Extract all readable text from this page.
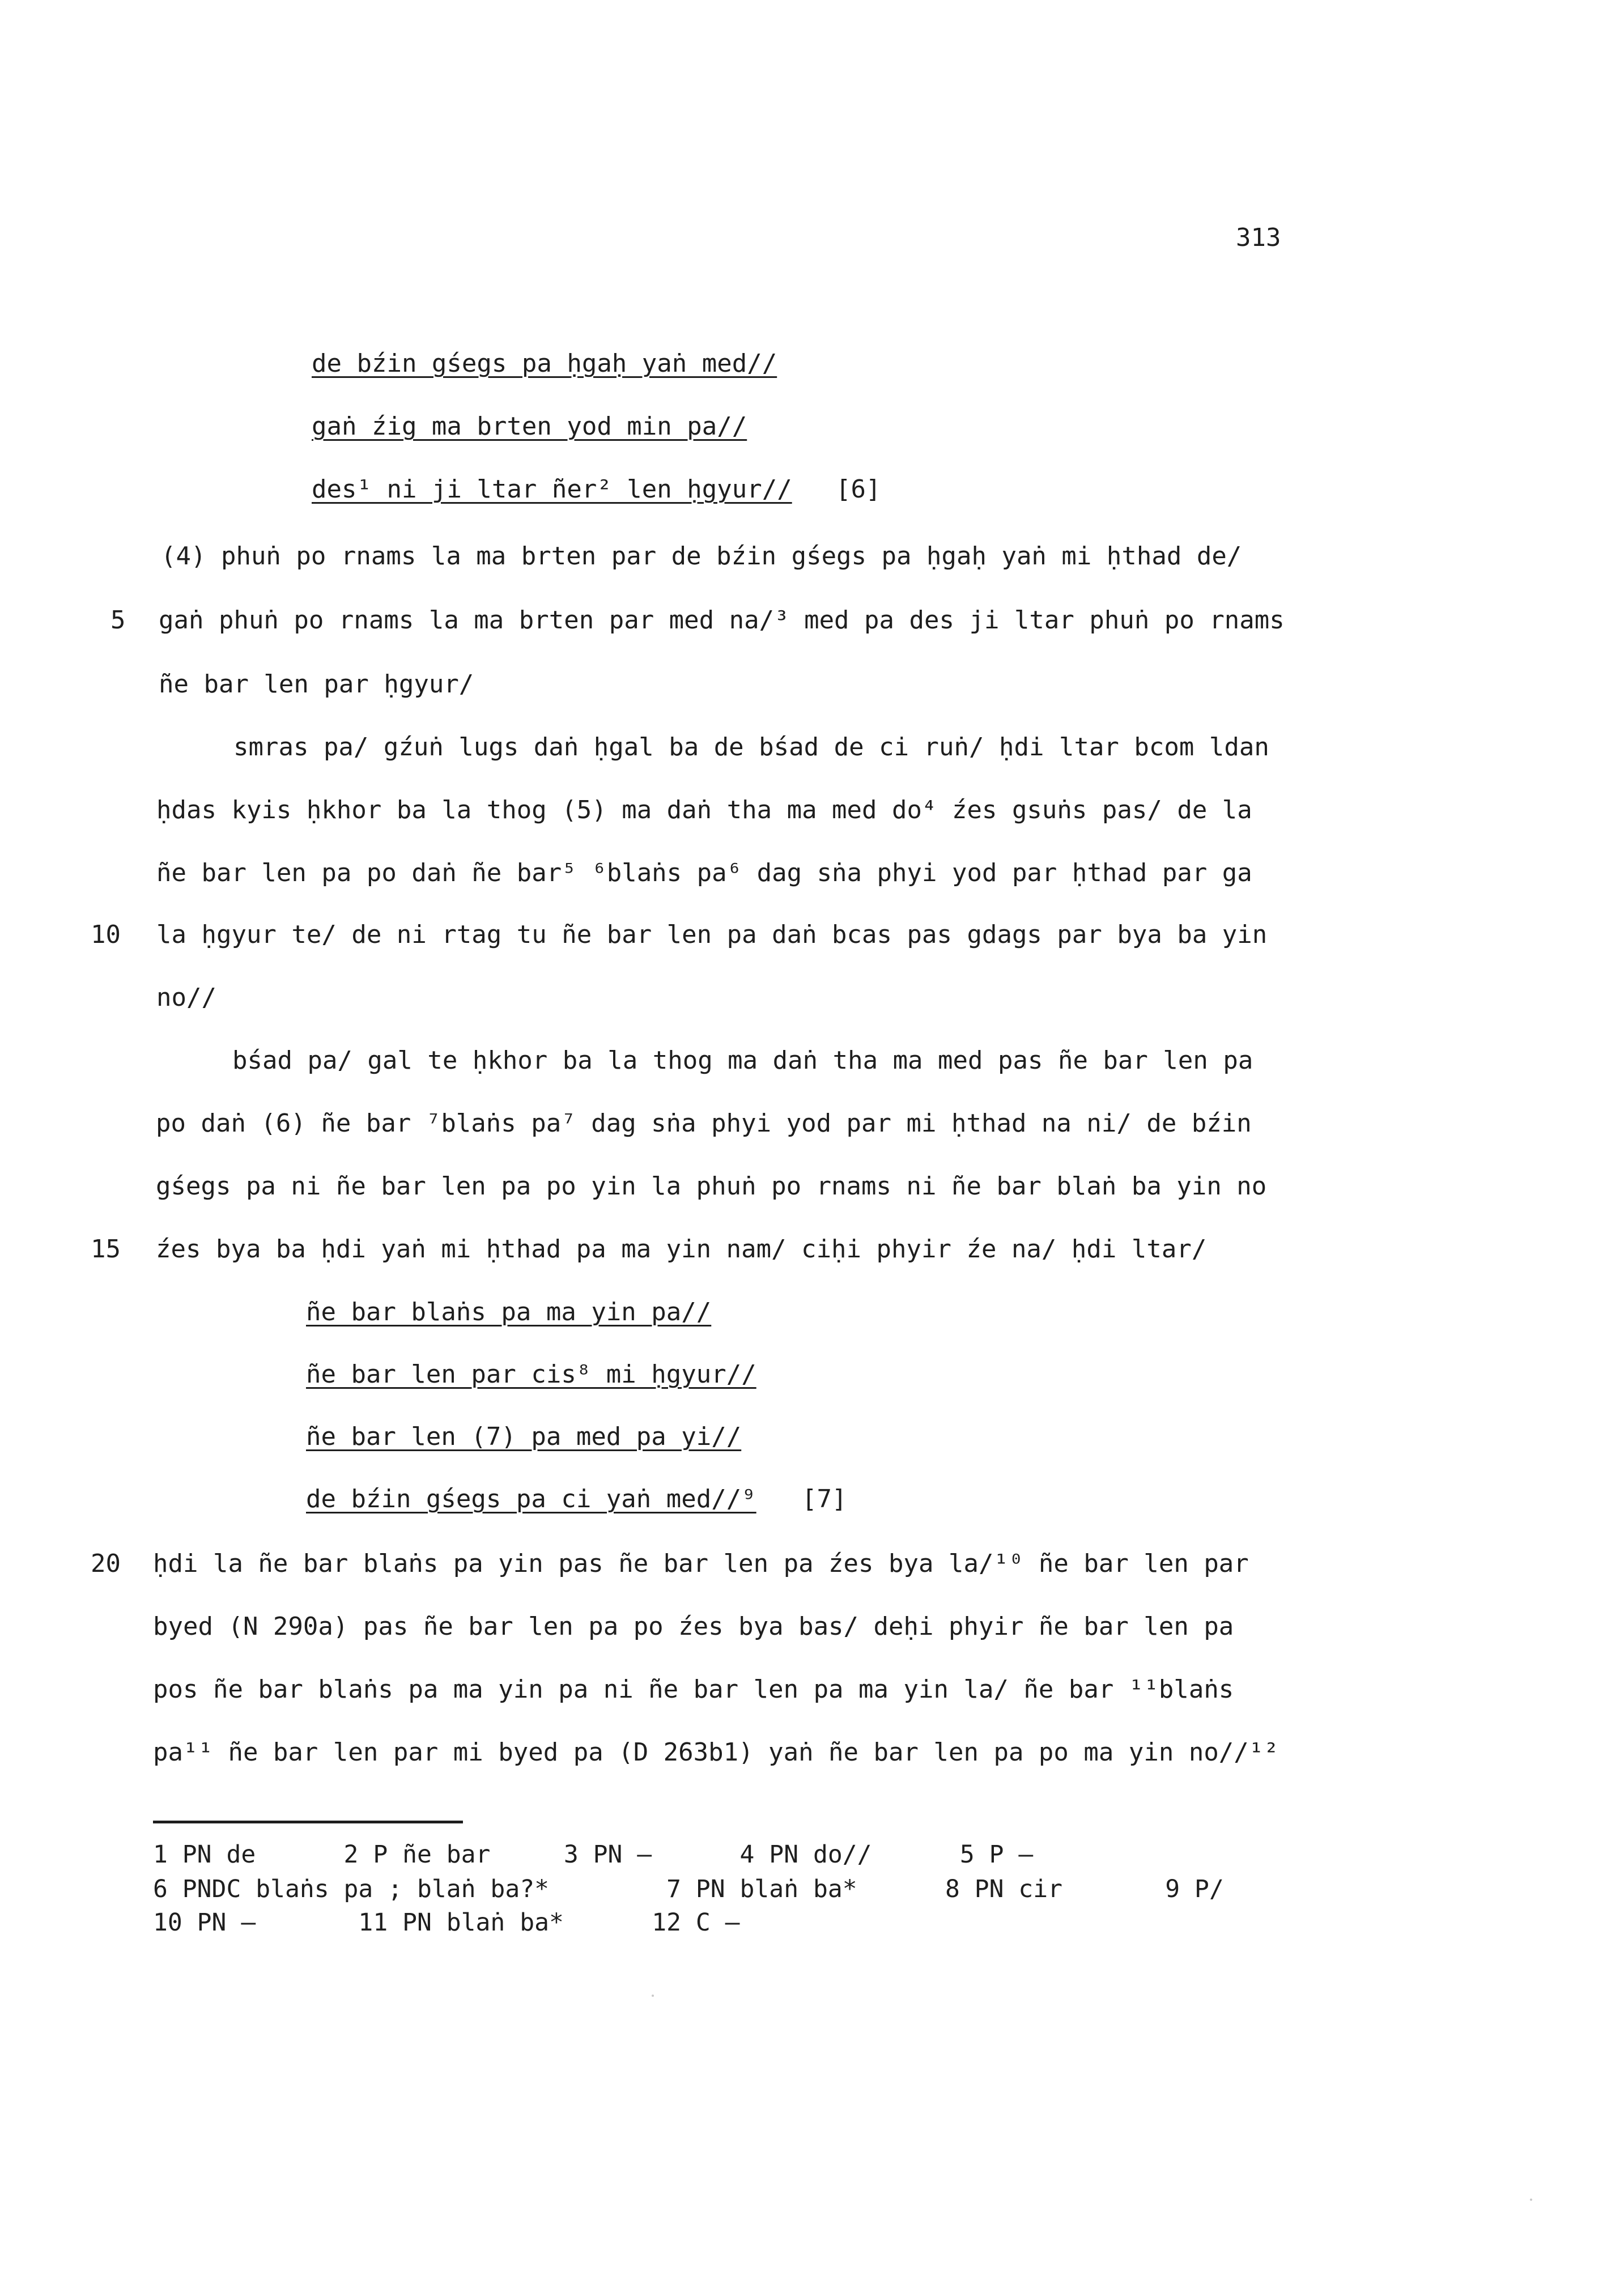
313
de bźin gśegs pa ḥgaḥ yaṅ med//
gaṅ źig ma brten yod min pa//
des¹ ni ji ltar ñer² len ḥgyur// [6]
(4) phuṅ po rnams la ma brten par de bźin gśegs pa ḥgaḥ yaṅ mi ḥthad de/
5 gaṅ phuṅ po rnams la ma brten par med na/³ med pa des ji ltar phuṅ po rnams
ñe bar len par ḥgyur/
smras pa/ gźuṅ lugs daṅ ḥgal ba de bśad de ci ruṅ/ ḥdi ltar bcom ldan
ḥdas kyis ḥkhor ba la thog (5) ma daṅ tha ma med do⁴ źes gsuṅs pas/ de la
ñe bar len pa po daṅ ñe bar⁵ ⁶blaṅs pa⁶ dag sṅa phyi yod par ḥthad par ga
10 la ḥgyur te/ de ni rtag tu ñe bar len pa daṅ bcas pas gdags par bya ba yin
no//
bśad pa/ gal te ḥkhor ba la thog ma daṅ tha ma med pas ñe bar len pa
po daṅ (6) ñe bar ⁷blaṅs pa⁷ dag sṅa phyi yod par mi ḥthad na ni/ de bźin
gśegs pa ni ñe bar len pa po yin la phuṅ po rnams ni ñe bar blaṅ ba yin no
15 źes bya ba ḥdi yaṅ mi ḥthad pa ma yin nam/ ciḥi phyir źe na/ ḥdi ltar/
ñe bar blaṅs pa ma yin pa//
ñe bar len par cis⁸ mi ḥgyur//
ñe bar len (7) pa med pa yi//
de bźin gśegs pa ci yaṅ med//⁹ [7]
20 ḥdi la ñe bar blaṅs pa yin pas ñe bar len pa źes bya la/¹⁰ ñe bar len par
byed (N 290a) pas ñe bar len pa po źes bya bas/ deḥi phyir ñe bar len pa
pos ñe bar blaṅs pa ma yin pa ni ñe bar len pa ma yin la/ ñe bar ¹¹blaṅs
pa¹¹ ñe bar len par mi byed pa (D 263b1) yaṅ ñe bar len pa po ma yin no//¹²
1 PN de      2 P ñe bar     3 PN —      4 PN do//      5 P —
6 PNDC blaṅs pa ; blaṅ ba?*        7 PN blaṅ ba*      8 PN cir       9 P/
10 PN —       11 PN blaṅ ba*      12 C —
